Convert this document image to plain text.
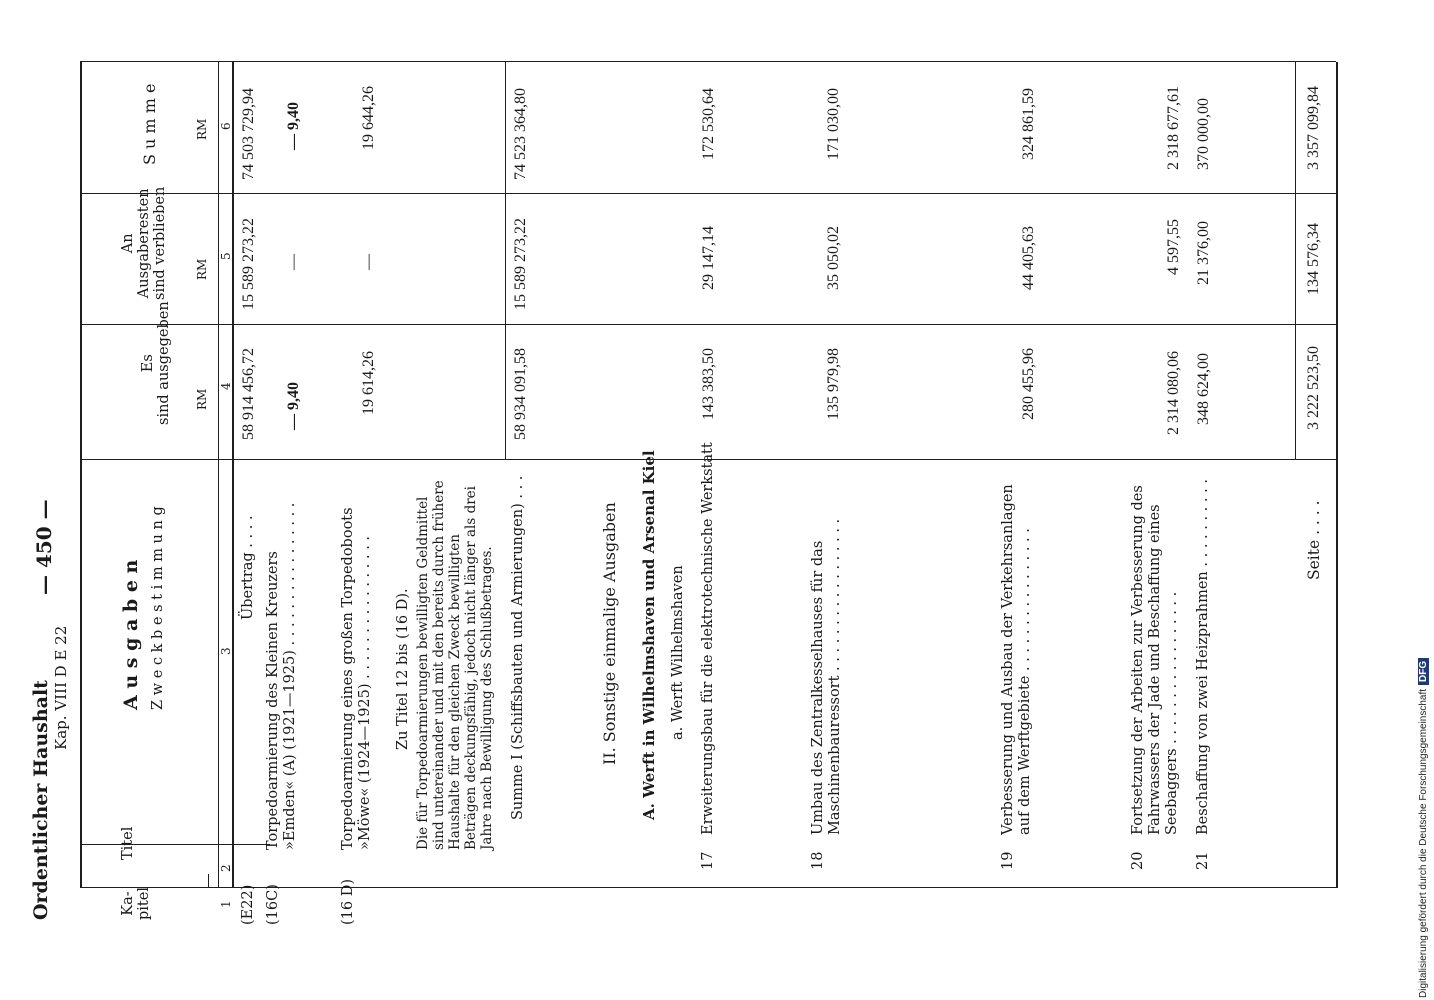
Ordentlicher Haushalt Kap. VIII D E 22
— 450 —
Ka-
pitel
Titel
A u s g a b e n Z w e c k b e s t i m m u n g
Es
sind ausgegeben
An
Ausgaberesten
sind verblieben
S u m m e
RM
RM
RM
1
2
3
4
5
6
(E22)
Übertrag . . . .
58 914 456,72
15 589 273,22
74 503 729,94
(16C)
Torpedoarmierung des Kleinen Kreuzers »Emden« (A) (1921—1925) . . . . . . . . . . . . . . . .
— 9,40
—
— 9,40
(16 D)
Torpedoarmierung eines großen Torpedoboots »Möwe« (1924—1925) . . . . . . . . . . . . . . . .
19 614,26
—
19 644,26
Zu Titel 12 bis (16 D). Die für Torpedoarmierungen bewilligten Geldmittel sind untereinander und mit den bereits durch frühere Haushalte für den gleichen Zweck bewilligten Beträgen deckungsfähig, jedoch nicht länger als drei Jahre nach Bewilligung des Schlußbetrages. Summe I (Schiffsbauten und Armierungen) . . .
58 934 091,58
15 589 273,22
74 523 364,80
II. Sonstige einmalige Ausgaben A. Werft in Wilhelmshaven und Arsenal Kiel a. Werft Wilhelmshaven
17
Erweiterungsbau für die elektrotechnische Werkstatt
143 383,50
29 147,14
172 530,64
18
Umbau des Zentralkesselhauses für das Maschinenbauressort . . . . . . . . . . . . . . . . .
135 979,98
35 050,02
171 030,00
19
Verbesserung und Ausbau der Verkehrsanlagen auf dem Werftgebiete . . . . . . . . . . . . . . . .
280 455,96
44 405,63
324 861,59
20
Fortsetzung der Arbeiten zur Verbesserung des Fahrwassers der Jade und Beschaffung eines Seebaggers . . . . . . . . . . . . . . . . .
2 314 080,06
4 597,55
2 318 677,61
21
Beschaffung von zwei Heizprahmen . . . . . . . . . .
348 624,00
21 376,00
370 000,00
Seite . . . .
3 222 523,50
134 576,34
3 357 099,84
Digitalisierung gefördert durch die Deutsche ForschungsgemeinschaftDFG
